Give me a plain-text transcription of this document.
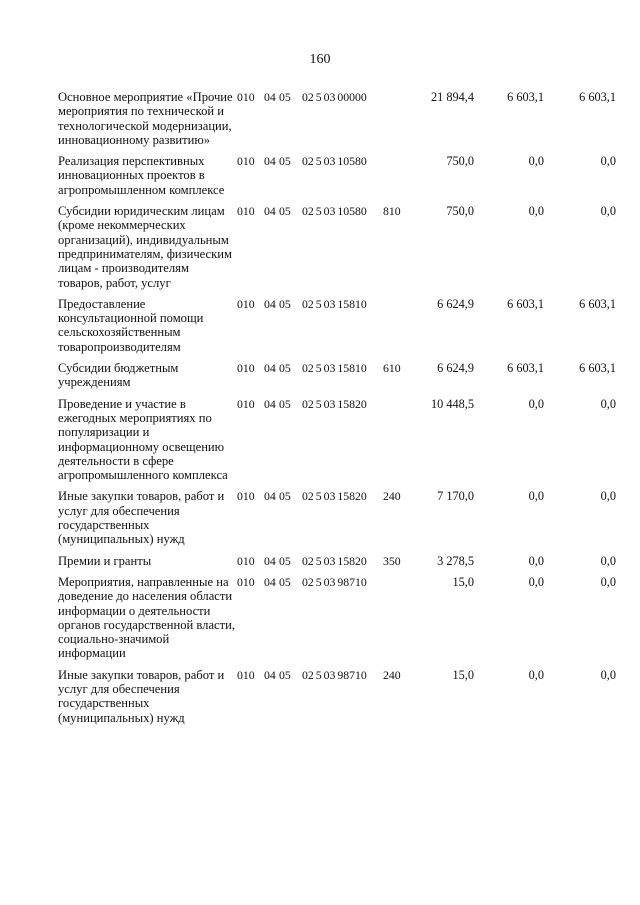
160
Основное мероприятие «Прочие мероприятия по технической и технологической модернизации, инновационному развитию»
010 04 05 02 5 03 00000	21 894,4	6 603,1	6 603,1
Реализация перспективных инновационных проектов в агропромышленном комплексе
010 04 05 02 5 03 10580	750,0	0,0	0,0
Субсидии юридическим лицам (кроме некоммерческих организаций), индивидуальным предпринимателям, физическим лицам - производителям товаров, работ, услуг
010 04 05 02 5 03 10580 810	750,0	0,0	0,0
Предоставление консультационной помощи сельскохозяйственным товаропроизводителям
010 04 05 02 5 03 15810	6 624,9	6 603,1	6 603,1
Субсидии бюджетным учреждениям
010 04 05 02 5 03 15810 610	6 624,9	6 603,1	6 603,1
Проведение и участие в ежегодных мероприятиях по популяризации и информационному освещению деятельности в сфере агропромышленного комплекса
010 04 05 02 5 03 15820	10 448,5	0,0	0,0
Иные закупки товаров, работ и услуг для обеспечения государственных (муниципальных) нужд
010 04 05 02 5 03 15820 240	7 170,0	0,0	0,0
Премии и гранты	010 04 05 02 5 03 15820 350	3 278,5	0,0	0,0
Мероприятия, направленные на доведение до населения области информации о деятельности органов государственной власти, социально-значимой информации
010 04 05 02 5 03 98710	15,0	0,0	0,0
Иные закупки товаров, работ и услуг для обеспечения государственных (муниципальных) нужд
010 04 05 02 5 03 98710 240	15,0	0,0	0,0
